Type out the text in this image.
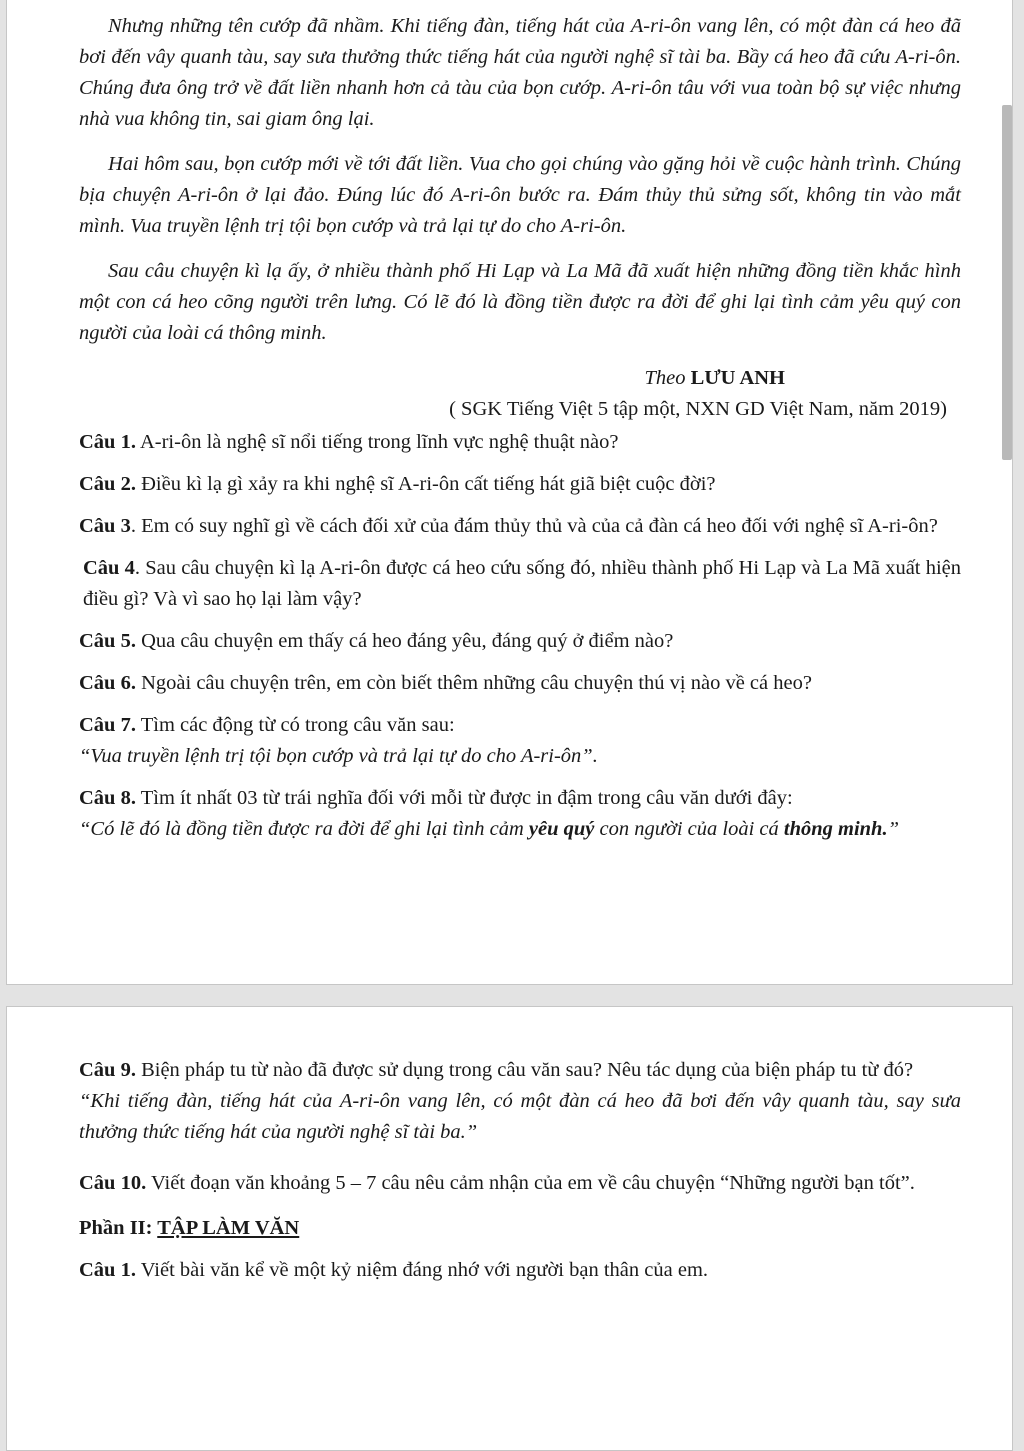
Nhưng những tên cướp đã nhầm. Khi tiếng đàn, tiếng hát của A-ri-ôn vang lên, có một đàn cá heo đã bơi đến vây quanh tàu, say sưa thưởng thức tiếng hát của người nghệ sĩ tài ba. Bầy cá heo đã cứu A-ri-ôn. Chúng đưa ông trở về đất liền nhanh hơn cả tàu của bọn cướp. A-ri-ôn tâu với vua toàn bộ sự việc nhưng nhà vua không tin, sai giam ông lại.

Hai hôm sau, bọn cướp mới về tới đất liền. Vua cho gọi chúng vào gặng hỏi về cuộc hành trình. Chúng bịa chuyện A-ri-ôn ở lại đảo. Đúng lúc đó A-ri-ôn bước ra. Đám thủy thủ sửng sốt, không tin vào mắt mình. Vua truyền lệnh trị tội bọn cướp và trả lại tự do cho A-ri-ôn.

Sau câu chuyện kì lạ ấy, ở nhiều thành phố Hi Lạp và La Mã đã xuất hiện những đồng tiền khắc hình một con cá heo cõng người trên lưng. Có lẽ đó là đồng tiền được ra đời để ghi lại tình cảm yêu quý con người của loài cá thông minh.

Theo LƯU ANH

( SGK Tiếng Việt 5 tập một, NXN GD Việt Nam, năm 2019)

Câu 1. A-ri-ôn là nghệ sĩ nổi tiếng trong lĩnh vực nghệ thuật nào?

Câu 2. Điều kì lạ gì xảy ra khi nghệ sĩ A-ri-ôn cất tiếng hát giã biệt cuộc đời?

Câu 3. Em có suy nghĩ gì về cách đối xử của đám thủy thủ và của cả đàn cá heo đối với nghệ sĩ A-ri-ôn?

Câu 4. Sau câu chuyện kì lạ A-ri-ôn được cá heo cứu sống đó, nhiều thành phố Hi Lạp và La Mã xuất hiện điều gì? Và vì sao họ lại làm vậy?

Câu 5. Qua câu chuyện em thấy cá heo đáng yêu, đáng quý ở điểm nào?

Câu 6. Ngoài câu chuyện trên, em còn biết thêm những câu chuyện thú vị nào về cá heo?

Câu 7. Tìm các động từ có trong câu văn sau:

“Vua truyền lệnh trị tội bọn cướp và trả lại tự do cho A-ri-ôn”.

Câu 8. Tìm ít nhất 03 từ trái nghĩa đối với mỗi từ được in đậm trong câu văn dưới đây:

“Có lẽ đó là đồng tiền được ra đời để ghi lại tình cảm yêu quý con người của loài cá thông minh.”

Câu 9. Biện pháp tu từ nào đã được sử dụng trong câu văn sau? Nêu tác dụng của biện pháp tu từ đó?

“Khi tiếng đàn, tiếng hát của A-ri-ôn vang lên, có một đàn cá heo đã bơi đến vây quanh tàu, say sưa thưởng thức tiếng hát của người nghệ sĩ tài ba.”

Câu 10. Viết đoạn văn khoảng 5 – 7 câu nêu cảm nhận của em về câu chuyện “Những người bạn tốt”.

Phần II: TẬP LÀM VĂN

Câu 1. Viết bài văn kể về một kỷ niệm đáng nhớ với người bạn thân của em.
